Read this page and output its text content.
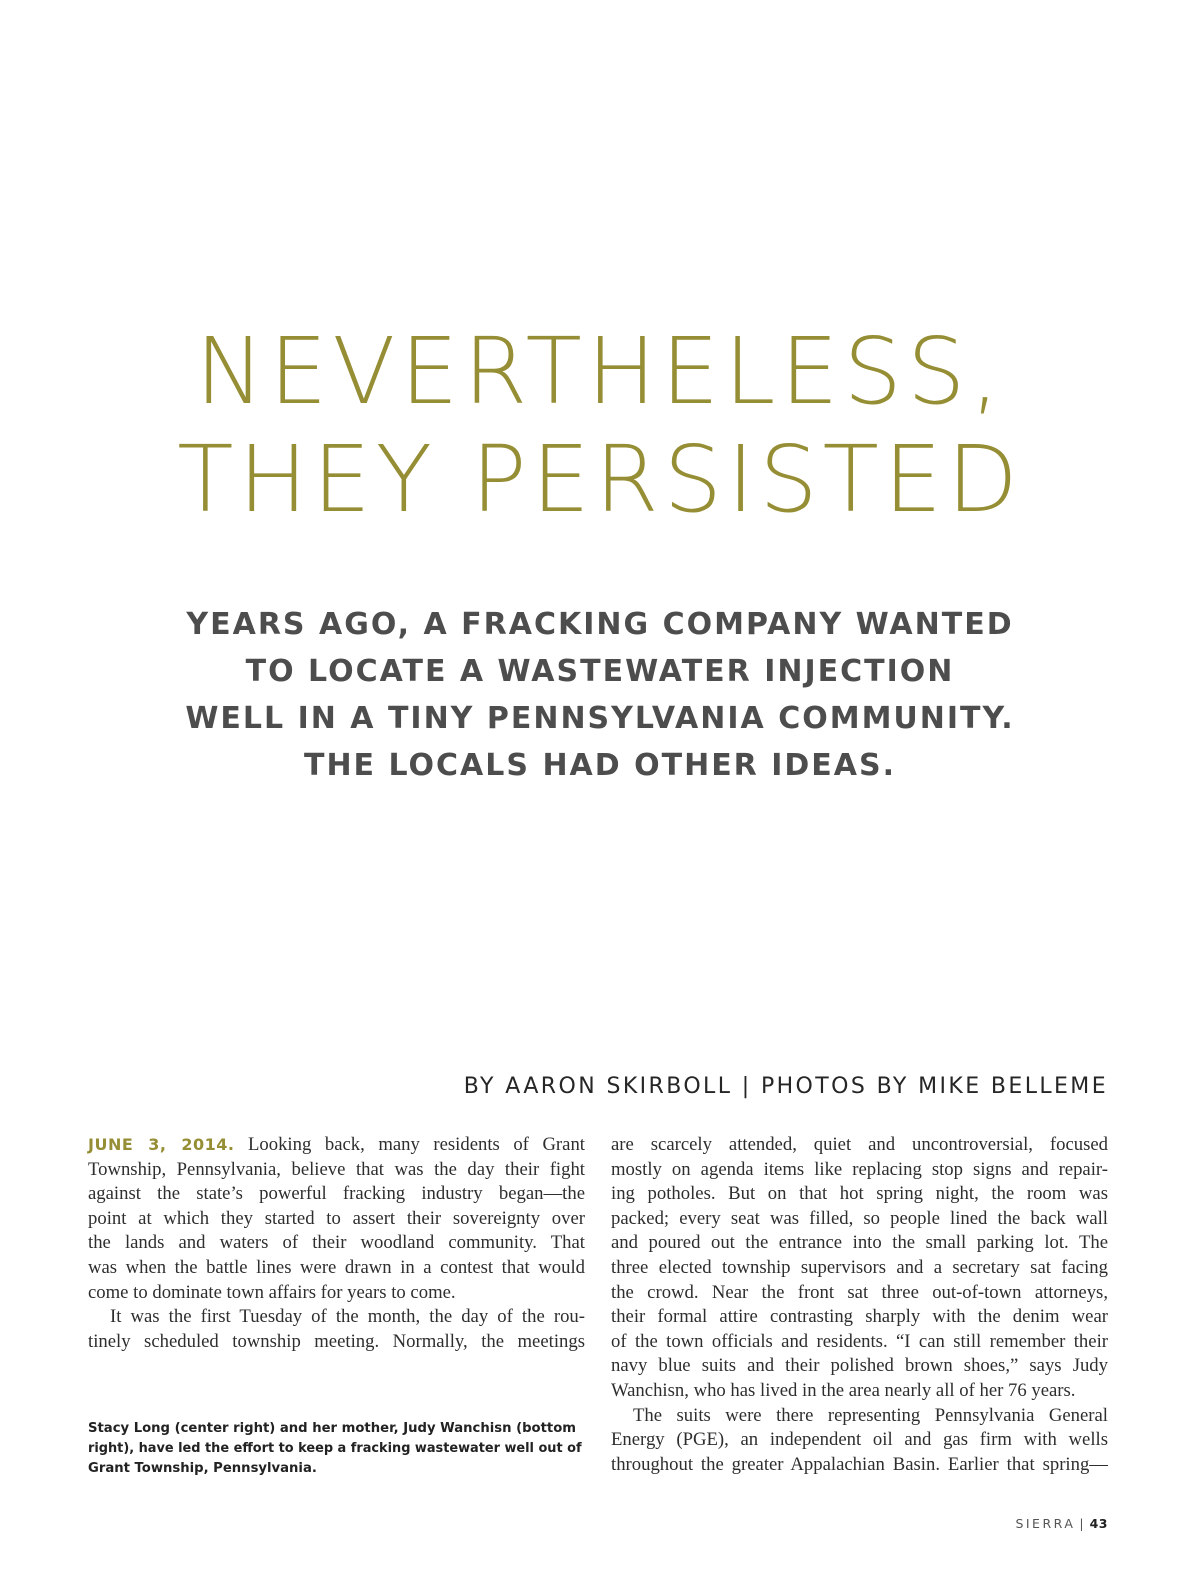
NEVERTHELESS,
THEY PERSISTED
YEARS AGO, A FRACKING COMPANY WANTED
TO LOCATE A WASTEWATER INJECTION
WELL IN A TINY PENNSYLVANIA COMMUNITY.
THE LOCALS HAD OTHER IDEAS.
BY AARON SKIRBOLL | PHOTOS BY MIKE BELLEME
JUNE 3, 2014. Looking back, many residents of Grant
Township, Pennsylvania, believe that was the day their fight
against the state’s powerful fracking industry began—the
point at which they started to assert their sovereignty over
the lands and waters of their woodland community. That
was when the battle lines were drawn in a contest that would
come to dominate town affairs for years to come.
It was the first Tuesday of the month, the day of the rou-
tinely scheduled township meeting. Normally, the meetings
Stacy Long (center right) and her mother, Judy Wanchisn (bottom
right), have led the effort to keep a fracking wastewater well out of
Grant Township, Pennsylvania.
are scarcely attended, quiet and uncontroversial, focused
mostly on agenda items like replacing stop signs and repair-
ing potholes. But on that hot spring night, the room was
packed; every seat was filled, so people lined the back wall
and poured out the entrance into the small parking lot. The
three elected township supervisors and a secretary sat facing
the crowd. Near the front sat three out-of-town attorneys,
their formal attire contrasting sharply with the denim wear
of the town officials and residents. “I can still remember their
navy blue suits and their polished brown shoes,” says Judy
Wanchisn, who has lived in the area nearly all of her 76 years.
The suits were there representing Pennsylvania General
Energy (PGE), an independent oil and gas firm with wells
throughout the greater Appalachian Basin. Earlier that spring—
SIERRA | 43
